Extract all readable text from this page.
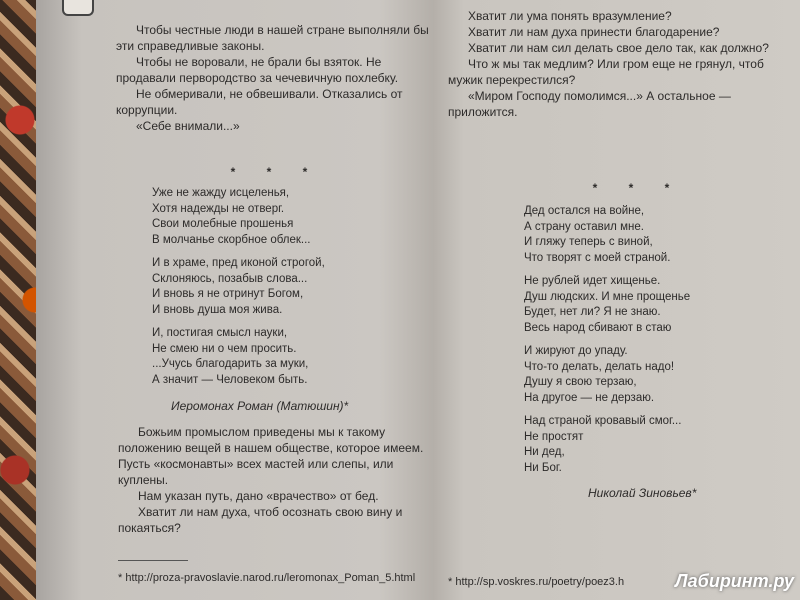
Чтобы честные люди в нашей стране выполняли бы эти справедливые законы.

Чтобы не воровали, не брали бы взяток. Не продавали первородство за чечевичную похлебку.

Не обмеривали, не обвешивали. Отказались от коррупции.

«Себе внимали...»

* * *

Уже не жажду исцеленья,

Хотя надежды не отверг.

Свои молебные прошенья

В молчанье скорбное облек...

И в храме, пред иконой строгой,

Склоняюсь, позабыв слова...

И вновь я не отринут Богом,

И вновь душа моя жива.

И, постигая смысл науки,

Не смею ни о чем просить.

...Учусь благодарить за муки,

А значит — Человеком быть.

Иеромонах Роман (Матюшин)*

Божьим промыслом приведены мы к такому положению вещей в нашем обществе, которое имеем. Пусть «космонавты» всех мастей или слепы, или куплены.

Нам указан путь, дано «врачество» от бед.

Хватит ли нам духа, чтоб осознать свою вину и покаяться?

* http://proza-pravoslavie.narod.ru/leromonax_Poman_5.html

Хватит ли ума понять вразумление?

Хватит ли нам духа принести благодарение?

Хватит ли нам сил делать свое дело так, как должно?

Что ж мы так медлим? Или гром еще не грянул, чтоб мужик перекрестился?

«Миром Господу помолимся...» А остальное — приложится.

* * *

Дед остался на войне,

А страну оставил мне.

И гляжу теперь с виной,

Что творят с моей страной.

Не рублей идет хищенье.

Душ людских. И мне прощенье

Будет, нет ли? Я не знаю.

Весь народ сбивают в стаю

И жируют до упаду.

Что-то делать, делать надо!

Душу я свою терзаю,

На другое — не дерзаю.

Над страной кровавый смог...

Не простят

Ни дед,

Ни Бог.

Николай Зиновьев*
* http://sp.voskres.ru/poetry/poez3.h	Лабиринт.ру
